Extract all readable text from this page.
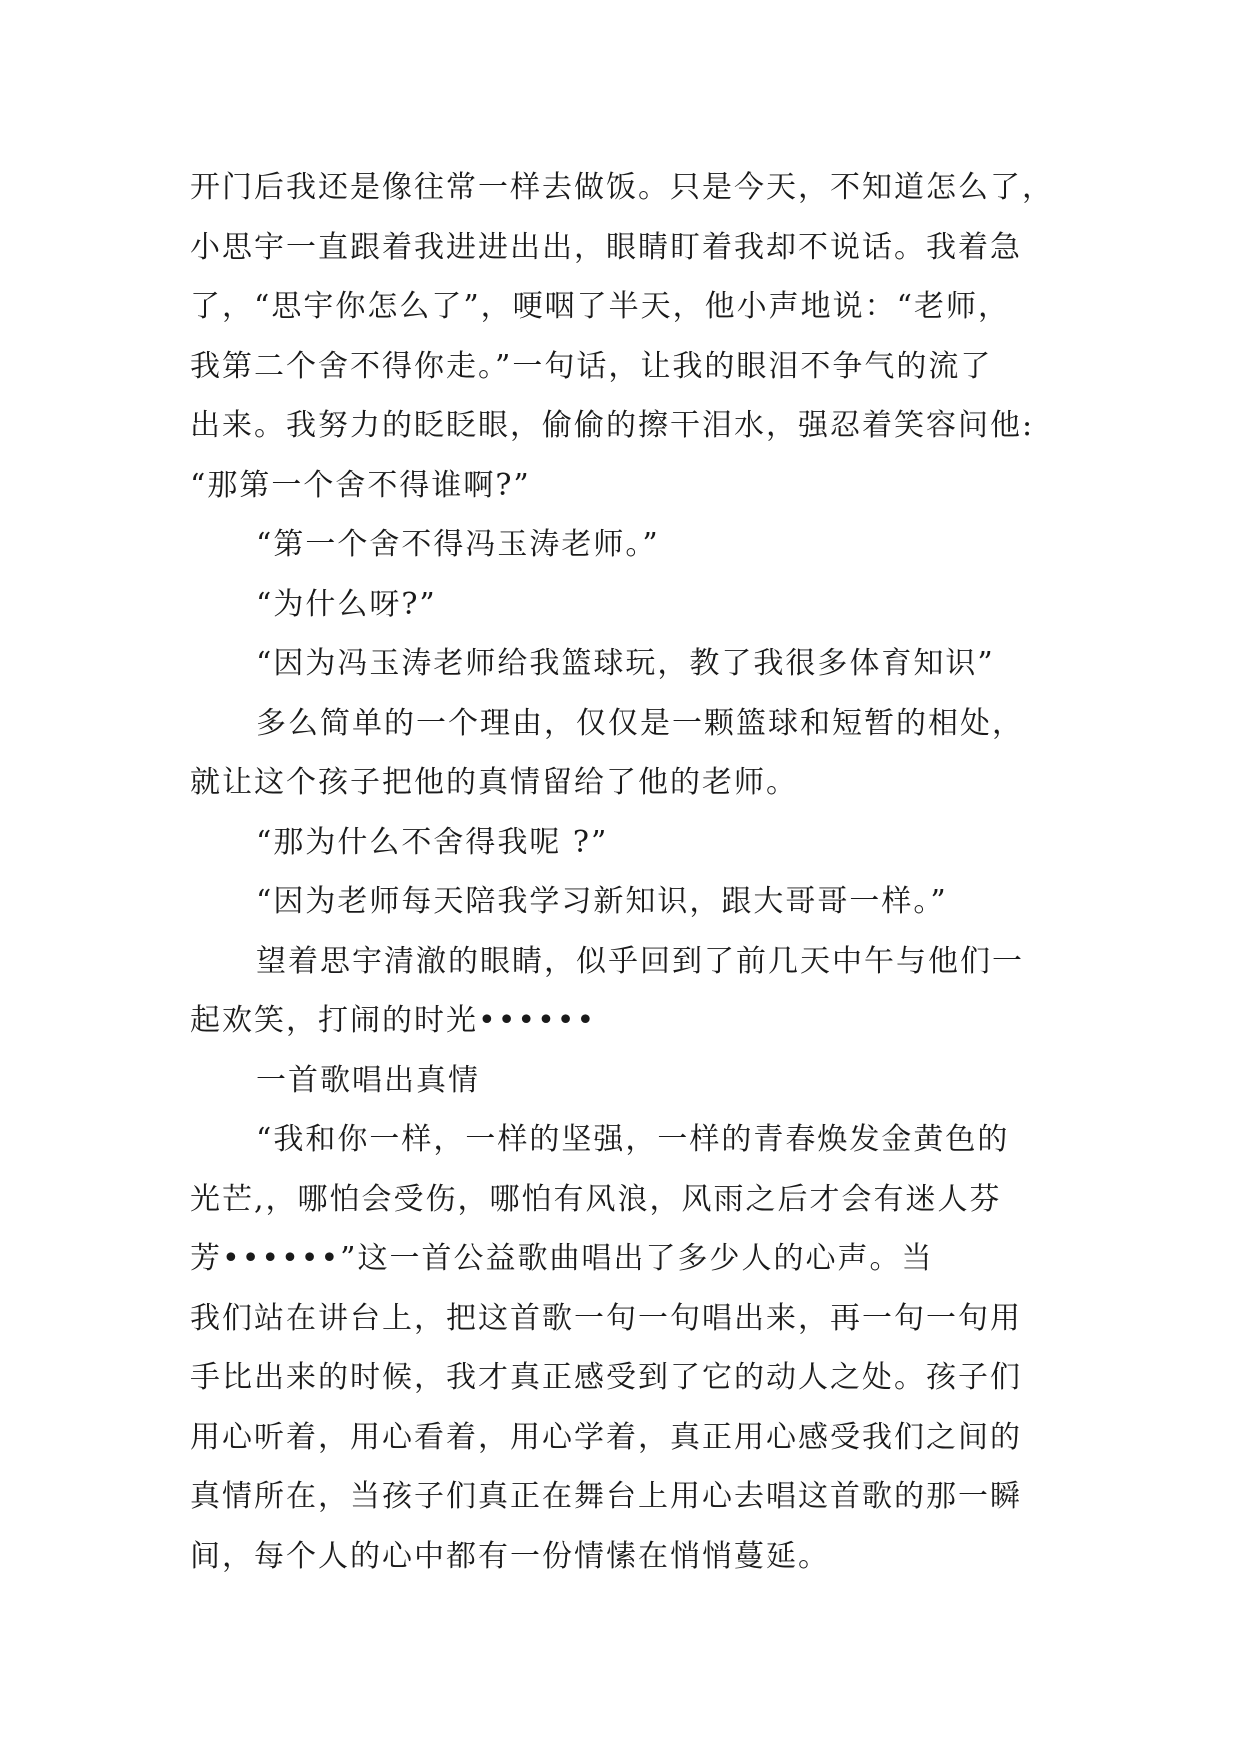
开门后我还是像往常一样去做饭。只是今天，不知道怎么了，

小思宇一直跟着我进进出出，眼睛盯着我却不说话。我着急

了，“思宇你怎么了”，哽咽了半天，他小声地说：“老师，

我第二个舍不得你走。”一句话，让我的眼泪不争气的流了

出来。我努力的眨眨眼，偷偷的擦干泪水，强忍着笑容问他:

“那第一个舍不得谁啊?”

“第一个舍不得冯玉涛老师。”

“为什么呀?”

“因为冯玉涛老师给我篮球玩，教了我很多体育知识”

多么简单的一个理由，仅仅是一颗篮球和短暂的相处，

就让这个孩子把他的真情留给了他的老师。

“那为什么不舍得我呢 ?”

“因为老师每天陪我学习新知识，跟大哥哥一样。”

望着思宇清澈的眼睛，似乎回到了前几天中午与他们一

起欢笑，打闹的时光••••••

一首歌唱出真情

“我和你一样，一样的坚强，一样的青春焕发金黄色的

光芒,，哪怕会受伤，哪怕有风浪，风雨之后才会有迷人芬

芳••••••”这一首公益歌曲唱出了多少人的心声。当

我们站在讲台上，把这首歌一句一句唱出来，再一句一句用

手比出来的时候，我才真正感受到了它的动人之处。孩子们

用心听着，用心看着，用心学着，真正用心感受我们之间的

真情所在，当孩子们真正在舞台上用心去唱这首歌的那一瞬

间，每个人的心中都有一份情愫在悄悄蔓延。
